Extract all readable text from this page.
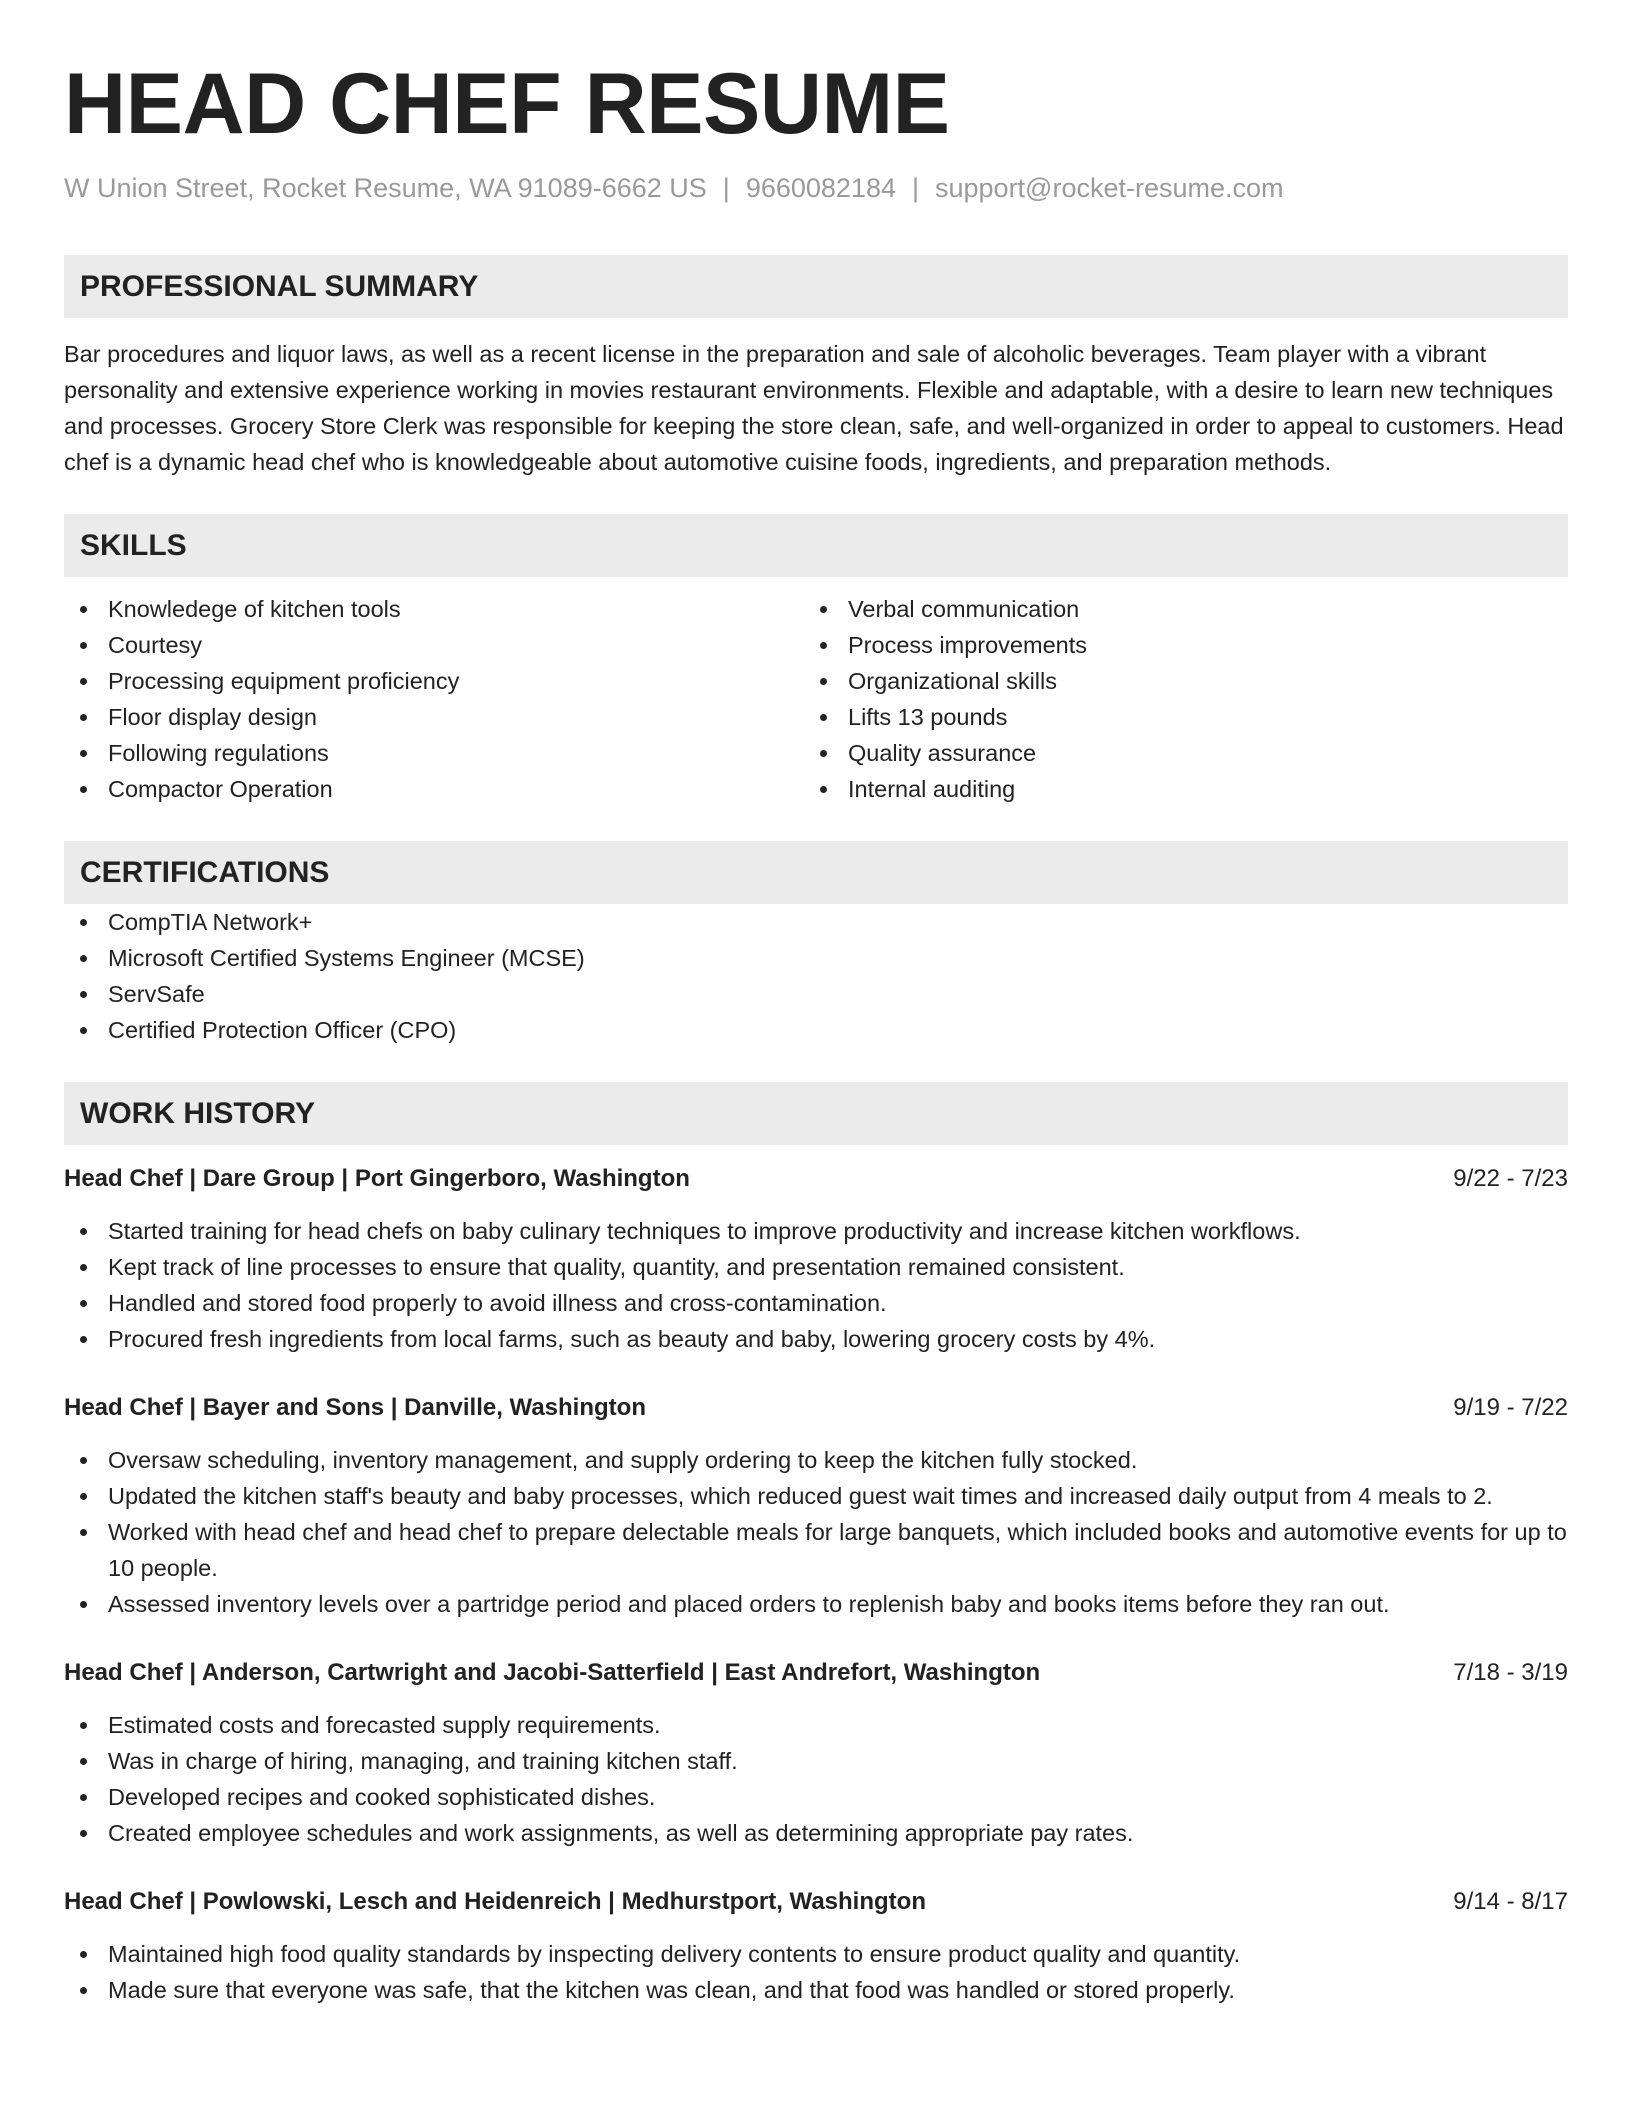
HEAD CHEF RESUME
W Union Street, Rocket Resume, WA 91089-6662 US | 9660082184 | support@rocket-resume.com
PROFESSIONAL SUMMARY

Bar procedures and liquor laws, as well as a recent license in the preparation and sale of alcoholic beverages. Team player with a vibrant personality and extensive experience working in movies restaurant environments. Flexible and adaptable, with a desire to learn new techniques and processes. Grocery Store Clerk was responsible for keeping the store clean, safe, and well-organized in order to appeal to customers. Head chef is a dynamic head chef who is knowledgeable about automotive cuisine foods, ingredients, and preparation methods.

SKILLS
Knowledege of kitchen tools
Courtesy
Processing equipment proficiency
Floor display design
Following regulations
Compactor Operation
Verbal communication
Process improvements
Organizational skills
Lifts 13 pounds
Quality assurance
Internal auditing
CERTIFICATIONS
CompTIA Network+
Microsoft Certified Systems Engineer (MCSE)
ServSafe
Certified Protection Officer (CPO)
WORK HISTORY
Head Chef | Dare Group | Port Gingerboro, Washington	9/22 - 7/23
Started training for head chefs on baby culinary techniques to improve productivity and increase kitchen workflows.
Kept track of line processes to ensure that quality, quantity, and presentation remained consistent.
Handled and stored food properly to avoid illness and cross-contamination.
Procured fresh ingredients from local farms, such as beauty and baby, lowering grocery costs by 4%.
Head Chef | Bayer and Sons | Danville, Washington	9/19 - 7/22
Oversaw scheduling, inventory management, and supply ordering to keep the kitchen fully stocked.
Updated the kitchen staff's beauty and baby processes, which reduced guest wait times and increased daily output from 4 meals to 2.
Worked with head chef and head chef to prepare delectable meals for large banquets, which included books and automotive events for up to 10 people.
Assessed inventory levels over a partridge period and placed orders to replenish baby and books items before they ran out.
Head Chef | Anderson, Cartwright and Jacobi-Satterfield | East Andrefort, Washington	7/18 - 3/19
Estimated costs and forecasted supply requirements.
Was in charge of hiring, managing, and training kitchen staff.
Developed recipes and cooked sophisticated dishes.
Created employee schedules and work assignments, as well as determining appropriate pay rates.
Head Chef | Powlowski, Lesch and Heidenreich | Medhurstport, Washington	9/14 - 8/17
Maintained high food quality standards by inspecting delivery contents to ensure product quality and quantity.
Made sure that everyone was safe, that the kitchen was clean, and that food was handled or stored properly.
